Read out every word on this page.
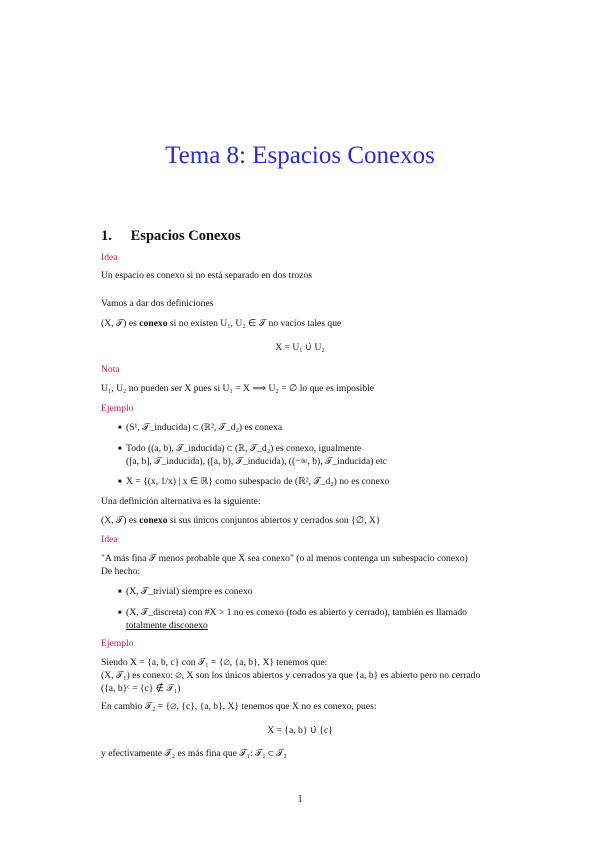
Tema 8: Espacios Conexos
1. Espacios Conexos
Idea
Un espacio es conexo si no está separado en dos trozos
Vamos a dar dos definiciones
(X, 𝒯) es conexo si no existen U₁, U₂ ∈ 𝒯 no vacíos tales que
X = U₁ ∪̇ U₂
Nota
U₁, U₂ no pueden ser X pues si U₁ = X ⟹ U₂ = ∅ lo que es imposible
Ejemplo
■ (S¹, 𝒯_inducida) ⊂ (ℝ², 𝒯_d₂) es conexa
■ Todo ((a, b), 𝒯_inducida) ⊂ (ℝ, 𝒯_d₂) es conexo, igualmente
([a, b], 𝒯_inducida), ([a, b), 𝒯_inducida), ((−∞, b), 𝒯_inducida) etc
■ X = {(x, 1/x) | x ∈ ℝ} como subespacio de (ℝ², 𝒯_d₂) no es conexo
Una definición alternativa es la siguiente:
(X, 𝒯) es conexo si sus únicos conjuntos abiertos y cerrados son {∅, X}
Idea
"A más fina 𝒯 menos probable que X sea conexo" (o al menos contenga un subespacio conexo)
De hecho:
■ (X, 𝒯_trivial) siempre es conexo
■ (X, 𝒯_discreta) con #X > 1 no es conexo (todo es abierto y cerrado), también es llamado
totalmente disconexo
Ejemplo
Siendo X = {a, b, c} con 𝒯₁ = {∅, {a, b}, X} tenemos que:
(X, 𝒯₁) es conexo: ∅, X son los únicos abiertos y cerrados ya que {a, b} es abierto pero no cerrado
({a, b}ᶜ = {c} ∉ 𝒯₁)
En cambio 𝒯₂ = {∅, {c}, {a, b}, X} tenemos que X no es conexo, pues:
X = {a, b} ∪̇ {c}
y efectivamente 𝒯₂ es más fina que 𝒯₁: 𝒯₁ ⊂ 𝒯₂
1
